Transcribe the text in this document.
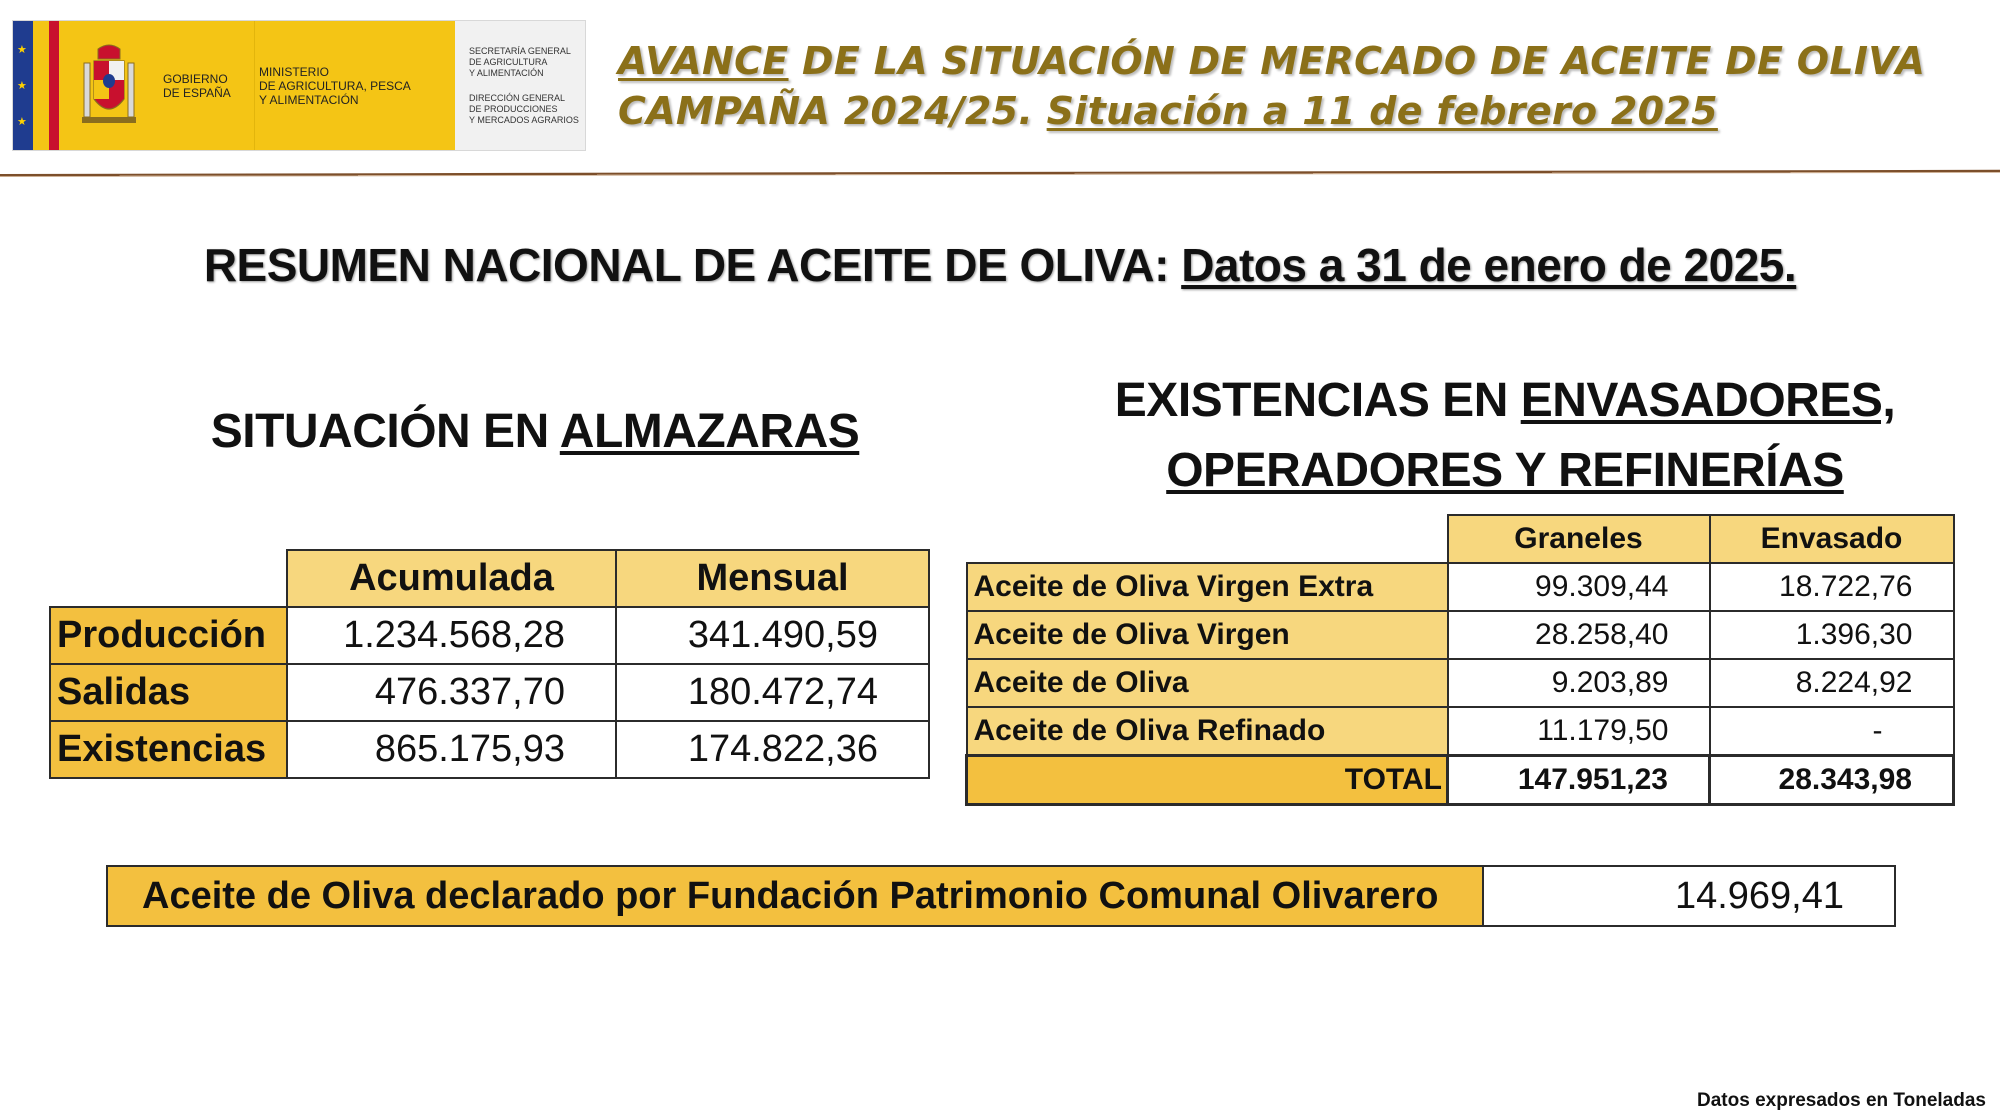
★
★
★
GOBIERNO
DE ESPAÑA
MINISTERIO
DE AGRICULTURA, PESCA
Y ALIMENTACIÓN
SECRETARÍA GENERAL
DE AGRICULTURA
Y ALIMENTACIÓN
DIRECCIÓN GENERAL
DE PRODUCCIONES
Y MERCADOS AGRARIOS
AVANCE DE LA SITUACIÓN DE MERCADO DE ACEITE DE OLIVA
CAMPAÑA 2024/25. Situación a 11 de febrero 2025
RESUMEN NACIONAL DE ACEITE DE OLIVA: Datos a 31 de enero de 2025.
SITUACIÓN EN ALMAZARAS
	Acumulada	Mensual
Producción	1.234.568,28	341.490,59
Salidas	476.337,70	180.472,74
Existencias	865.175,93	174.822,36
EXISTENCIAS EN ENVASADORES,
OPERADORES Y REFINERÍAS
	Graneles	Envasado
Aceite de Oliva Virgen Extra	99.309,44	18.722,76
Aceite de Oliva Virgen	28.258,40	1.396,30
Aceite de Oliva	9.203,89	8.224,92
Aceite de Oliva Refinado	11.179,50	-
TOTAL	147.951,23	28.343,98
Aceite de Oliva declarado por Fundación Patrimonio Comunal Olivarero	14.969,41
Datos expresados en Toneladas
